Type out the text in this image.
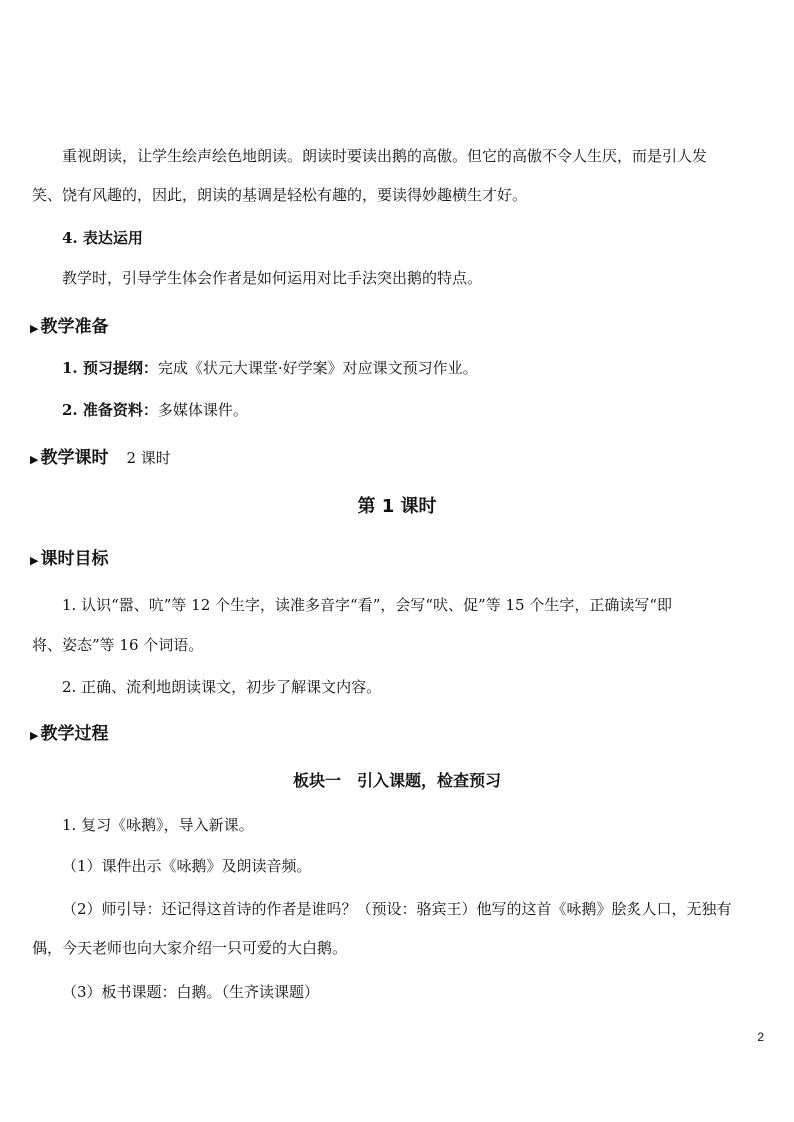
重视朗读，让学生绘声绘色地朗读。朗读时要读出鹅的高傲。但它的高傲不令人生厌，而是引人发
笑、饶有风趣的，因此，朗读的基调是轻松有趣的，要读得妙趣横生才好。
4. 表达运用
教学时，引导学生体会作者是如何运用对比手法突出鹅的特点。
▶ 教学准备
1. 预习提纲：完成《状元大课堂·好学案》对应课文预习作业。
2. 准备资料：多媒体课件。
▶ 教学课时 2 课时
第 1 课时
▶ 课时目标
1. 认识“嚣、吭”等 12 个生字，读准多音字“看”，会写“吠、促”等 15 个生字，正确读写“即
将、姿态”等 16 个词语。
2. 正确、流利地朗读课文，初步了解课文内容。
▶ 教学过程
板块一　引入课题，检查预习
1. 复习《咏鹅》，导入新课。
（1）课件出示《咏鹅》及朗读音频。
（2）师引导：还记得这首诗的作者是谁吗？（预设：骆宾王）他写的这首《咏鹅》脍炙人口，无独有
偶，今天老师也向大家介绍一只可爱的大白鹅。
（3）板书课题：白鹅。（生齐读课题）
2
